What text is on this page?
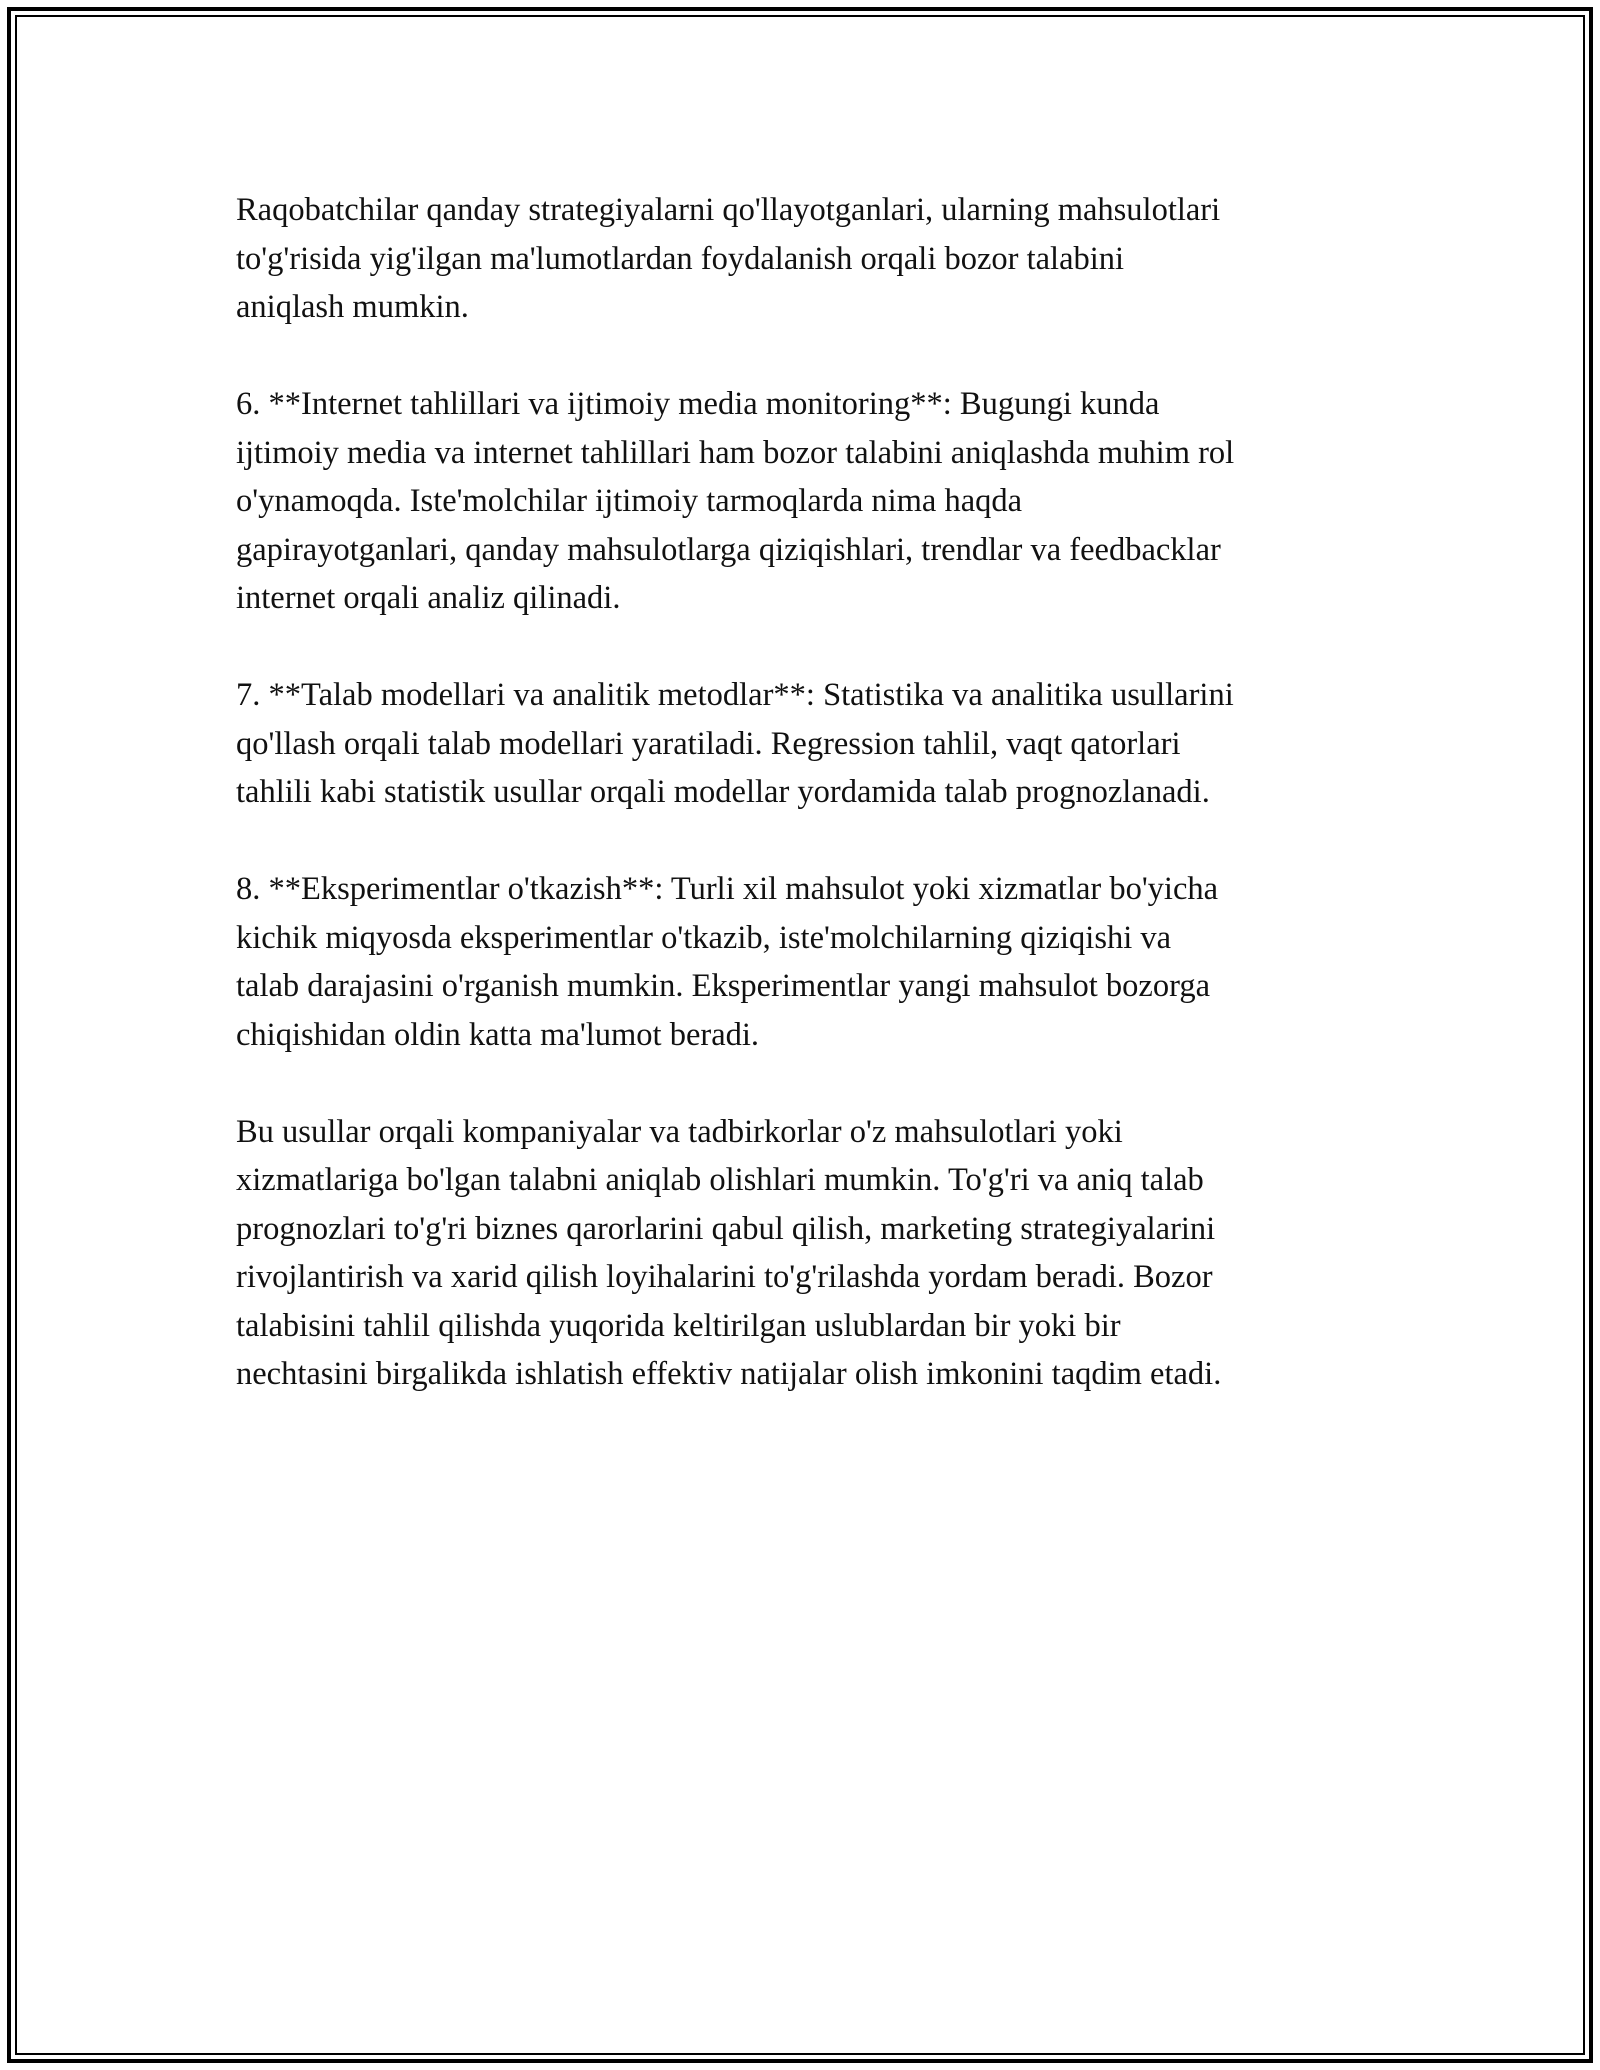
Raqobatchilar qanday strategiyalarni qo'llayotganlari, ularning mahsulotlari
to'g'risida yig'ilgan ma'lumotlardan foydalanish orqali bozor talabini
aniqlash mumkin.

6. **Internet tahlillari va ijtimoiy media monitoring**: Bugungi kunda
ijtimoiy media va internet tahlillari ham bozor talabini aniqlashda muhim rol
o'ynamoqda. Iste'molchilar ijtimoiy tarmoqlarda nima haqda
gapirayotganlari, qanday mahsulotlarga qiziqishlari, trendlar va feedbacklar
internet orqali analiz qilinadi.

7. **Talab modellari va analitik metodlar**: Statistika va analitika usullarini
qo'llash orqali talab modellari yaratiladi. Regression tahlil, vaqt qatorlari
tahlili kabi statistik usullar orqali modellar yordamida talab prognozlanadi.

8. **Eksperimentlar o'tkazish**: Turli xil mahsulot yoki xizmatlar bo'yicha
kichik miqyosda eksperimentlar o'tkazib, iste'molchilarning qiziqishi va
talab darajasini o'rganish mumkin. Eksperimentlar yangi mahsulot bozorga
chiqishidan oldin katta ma'lumot beradi.

Bu usullar orqali kompaniyalar va tadbirkorlar o'z mahsulotlari yoki
xizmatlariga bo'lgan talabni aniqlab olishlari mumkin. To'g'ri va aniq talab
prognozlari to'g'ri biznes qarorlarini qabul qilish, marketing strategiyalarini
rivojlantirish va xarid qilish loyihalarini to'g'rilashda yordam beradi. Bozor
talabisini tahlil qilishda yuqorida keltirilgan uslublardan bir yoki bir
nechtasini birgalikda ishlatish effektiv natijalar olish imkonini taqdim etadi.
